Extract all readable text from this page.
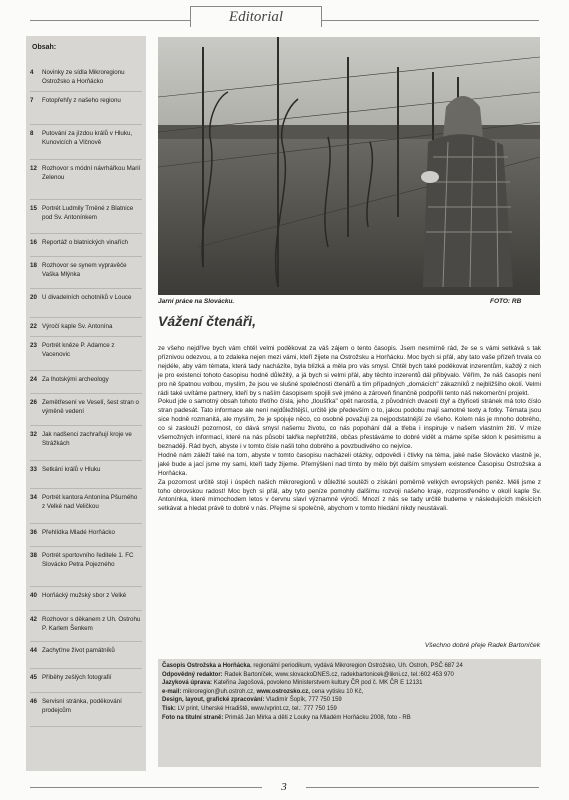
Editorial
Obsah:
4	Novinky ze sídla Mikroregionu Ostrožsko a Horňácko
7	Fotopřehľy z našeho regionu
8	Putování za jízdou králů v Hluku, Kunovicích a Vlčnově
12 Rozhovor s módní návrhářkou Marií Zelenou
15 Portrét Ludmily Trněné z Blatnice pod Sv. Antonínkem
16 Reportáž o blatnických vinařích
18 Rozhovor se synem vypravěče Vaška Mlýnka
20 U divadelních ochotníků v Louce
22 Výročí kaple Sv. Antonína
23 Portrét kněze P. Adamce z Vacenovic
24 Za lhotskými archeology
26 Zemětřesení ve Veselí, šest stran o výměně vedení
32 Jak nadšenci zachraňují kroje ve Strážkách
33 Setkání králů v Hluku
34 Portrét kantora Antonína Pšurného z Velké nad Veličkou
36 Přehlídka Mladé Horňácko
38 Portrét sportovního ředitele 1. FC Slovácko Petra Pojezného
40 Horňácký mužský sbor z Velké
42 Rozhovor s děkanem z Uh. Ostrohu P. Karlem Šenkem
44 Zachyťme život památníků
45 Příběhy zešlých fotografií
46 Servisní stránka, poděkování prodejcům
Jarní práce na Slovácku.	FOTO: RB
Vážení čtenáři,

ze všeho nejdříve bych vám chtěl velmi poděkovat za váš zájem o tento časopis. Jsem nesmírně rád, že se s vámi setkává s tak příznivou odezvou, a to zdaleka nejen mezi vámi, kteří žijete na Ostrožsku a Horňácku. Moc bych si přál, aby tato vaše přízeň trvala co nejdéle, aby vám témata, která tady nacházíte, byla blízká a měla pro vás smysl. Chtěl bych také poděkovat inzerentům, každý z nich je pro existenci tohoto časopisu hodně důležitý, a já bych si velmi přál, aby těchto inzerentů dál přibývalo. Věřím, že náš časopis není pro ně špatnou volbou, myslím, že jsou ve slušné společnosti čtenářů a tím případných „domácích" zákazníků z nejbližšího okolí. Velmi rádi také uvítáme partnery, kteří by s naším časopisem spojili své jméno a zároveň finančně podpořili tento náš nekomerční projekt.

Pokud jde o samotný obsah tohoto třetího čísla, jeho „tloušťka" opět narostla, z původních dvaceti čtyř a čtyřiceti stránek má toto číslo stran padesát. Tato informace ale není nejdůležitější, určitě jde především o to, jakou podobu mají samotné texty a fotky. Témata jsou sice hodně rozmanitá, ale myslím, že je spojuje něco, co osobně považuji za nejpodstatnější ze všeho. Kolem nás je mnoho dobrého, co si zaslouží pozornost, co dává smysl našemu životu, co nás popohání dál a třeba i inspiruje v našem vlastním žití. V míze všemožných informací, které na nás působí takřka nepřetržitě, občas přestáváme to dobré vidět a máme spíše sklon k pesimismu a beznaději. Rád bych, abyste i v tomto čísle našli toho dobrého a povzbudivého co nejvíce.

Hodně nám záleží také na tom, abyste v tomto časopisu nacházeli otázky, odpovědi i čtivky na téma, jaké naše Slovácko vlastně je, jaké bude a jací jsme my sami, kteří tady žijeme. Přemýšlení nad tímto by mělo být dalším smyslem existence Časopisu Ostrožska a Horňácka.

Za pozornost určitě stojí i úspěch našich mikroregionů v důležité soutěži o získání poměrně velkých evropských peněz. Měli jsme z toho obrovskou radost! Moc bych si přál, aby tyto peníze pomohly dalšímu rozvoji našeho kraje, rozprostřeného v okolí kaple Sv. Antonínka, které mimochodem letos v červnu slaví významné výročí. Mnozí z nás se tady určitě budeme v následujících měsících setkávat a hledat právě to dobré v nás. Přejme si společně, abychom v tomto hledání nikdy neustávali.

Všechno dobré přeje Radek Bartoníček

Časopis Ostrožska a Horňácka, regionální periodikum, vydává Mikroregion Ostrožsko, Uh. Ostroh, PSČ 687 24

Odpovědný redaktor: Radek Bartoníček, www.slovackoDNES.cz, radekbartonicek@likni.cz, tel.:602 453 970

Jazyková úprava: Kateřina Jagošová, povoleno Ministerstvem kultury ČR pod č. MK ČR E 12131

e-mail: mikroregion@uh.ostroh.cz, www.ostrozsko.cz, cena vytisku 10 Kč,

Design, layout, grafické zpracování: Vladimír Šopík, 777 750 159

Tisk: LV print, Uherské Hradiště, www.lvprint.cz, tel.: 777 750 159

Foto na titulní straně: Primáš Jan Mirka a děti z Louky na Mladém Horňácku 2008, foto - RB

3
